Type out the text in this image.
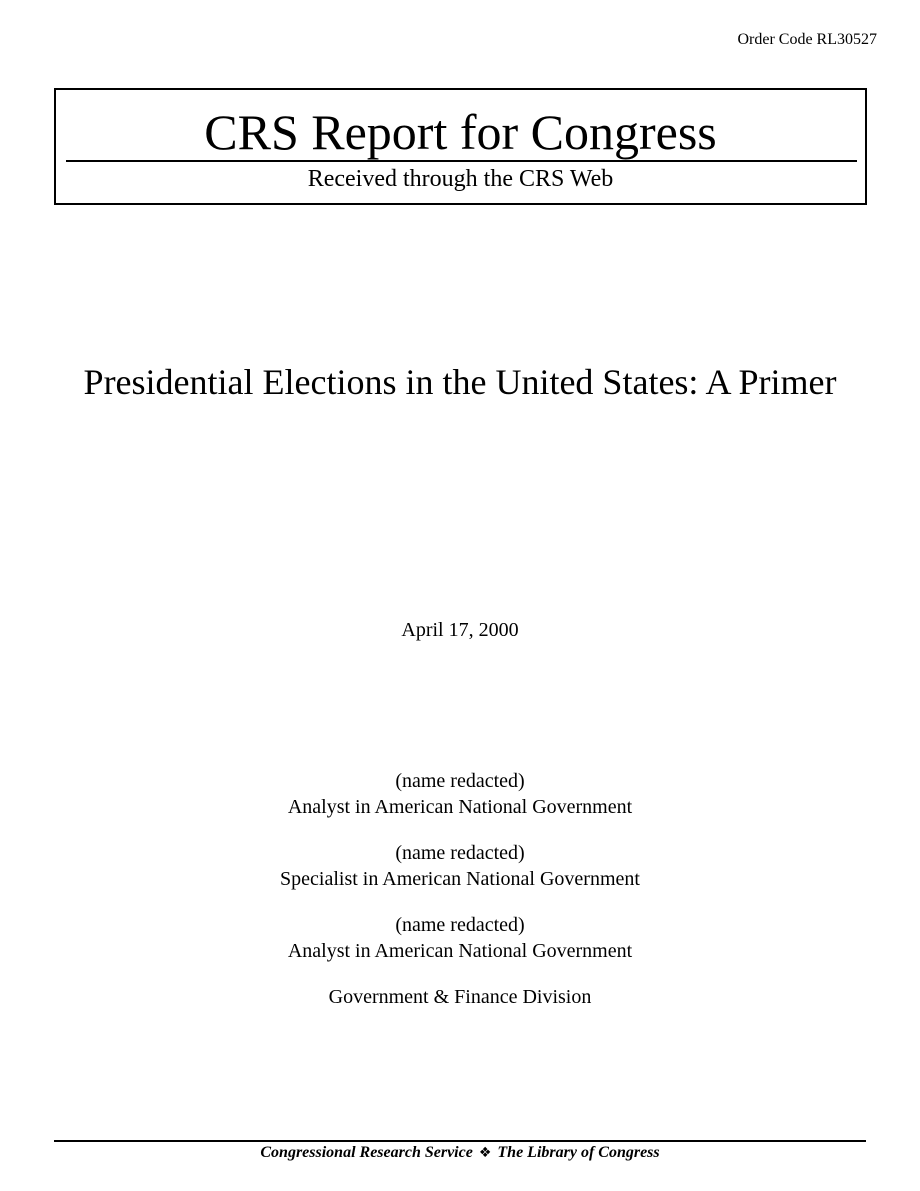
Order Code RL30527
CRS Report for Congress
Received through the CRS Web
Presidential Elections in the United States: A Primer
April 17, 2000
(name redacted)
Analyst in American National Government
(name redacted)
Specialist in American National Government
(name redacted)
Analyst in American National Government
Government & Finance Division
Congressional Research Service ❖ The Library of Congress
